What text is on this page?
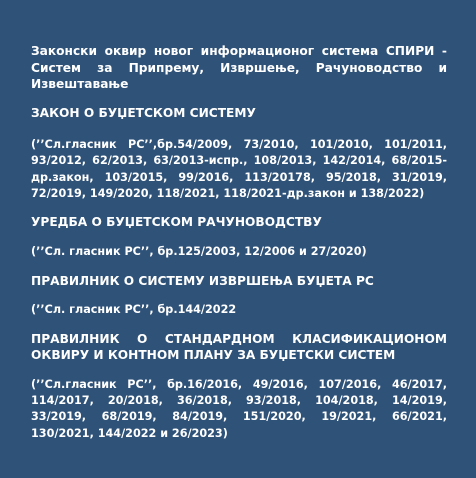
Законски оквир новог информационог система СПИРИ - Систем за Припрему, Извршење, Рачуноводство и Извештавање

ЗАКОН О БУЏЕТСКОМ СИСТЕМУ

(’’Сл.гласник РС’’,бр.54/2009, 73/2010, 101/2010, 101/2011, 93/2012, 62/2013, 63/2013-испр., 108/2013, 142/2014, 68/2015-др.закон, 103/2015, 99/2016, 113/20178, 95/2018, 31/2019, 72/2019, 149/2020, 118/2021, 118/2021-др.закон и 138/2022)

УРЕДБА О БУЏЕТСКОМ РАЧУНОВОДСТВУ

(’’Сл. гласник РС’’, бр.125/2003, 12/2006 и 27/2020)

ПРАВИЛНИК О СИСТЕМУ ИЗВРШЕЊА БУЏЕТА РС

(’’Сл. гласник РС’’, бр.144/2022

ПРАВИЛНИК О СТАНДАРДНОМ КЛАСИФИКАЦИОНОМ ОКВИРУ И КОНТНОМ ПЛАНУ ЗА БУЏЕТСКИ СИСТЕМ

(’’Сл.гласник РС’’, бр.16/2016, 49/2016, 107/2016, 46/2017, 114/2017, 20/2018, 36/2018, 93/2018, 104/2018, 14/2019, 33/2019, 68/2019, 84/2019, 151/2020, 19/2021, 66/2021, 130/2021, 144/2022 и 26/2023)
